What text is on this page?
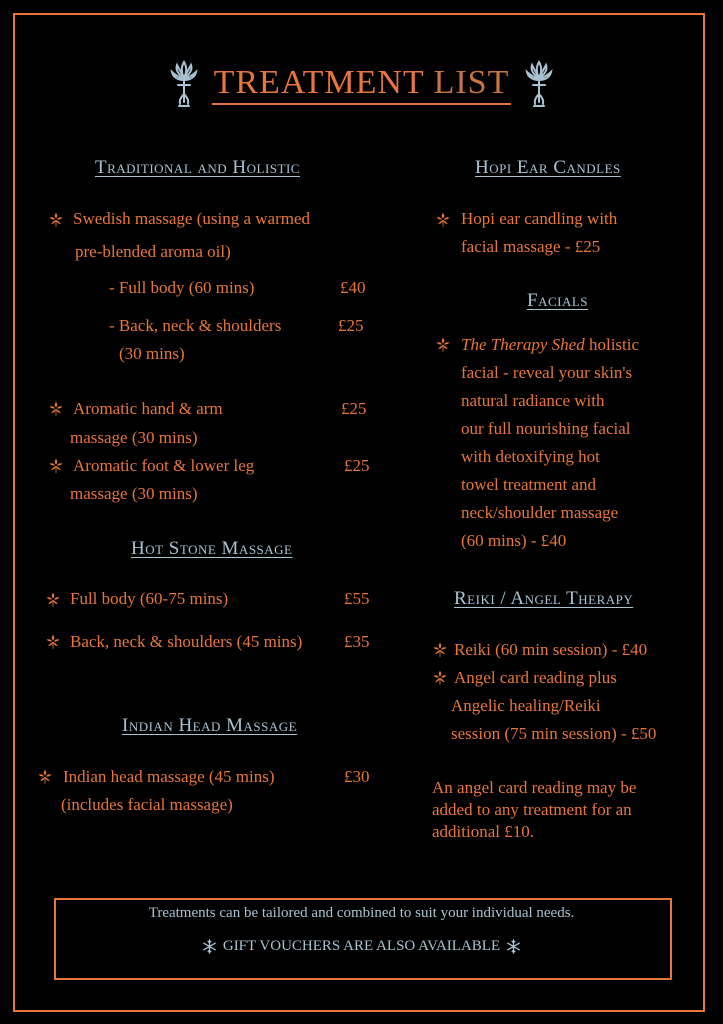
TREATMENT LIST
Traditional and Holistic
Swedish massage (using a warmed
pre-blended aroma oil)
- Full body (60 mins)	£40
- Back, neck & shoulders
(30 mins)
£25
Aromatic hand & arm
massage (30 mins)
£25
Aromatic foot & lower leg
massage (30 mins)
£25
Hot Stone Massage
Full body (60-75 mins)	£55
Back, neck & shoulders (45 mins) £35
Indian Head Massage
Indian head massage (45 mins)
(includes facial massage)
£30
Hopi Ear Candles
Hopi ear candling with
facial massage - £25
Facials
The Therapy Shed holistic
facial - reveal your skin's
natural radiance with
our full nourishing facial
with detoxifying hot
towel treatment and
neck/shoulder massage
(60 mins) - £40
Reiki / Angel Therapy
Reiki (60 min session) - £40
Angel card reading plus
Angelic healing/Reiki
session (75 min session) - £50
An angel card reading may be
added to any treatment for an
additional £10.
Treatments can be tailored and combined to suit your individual needs.
GIFT VOUCHERS ARE ALSO AVAILABLE
